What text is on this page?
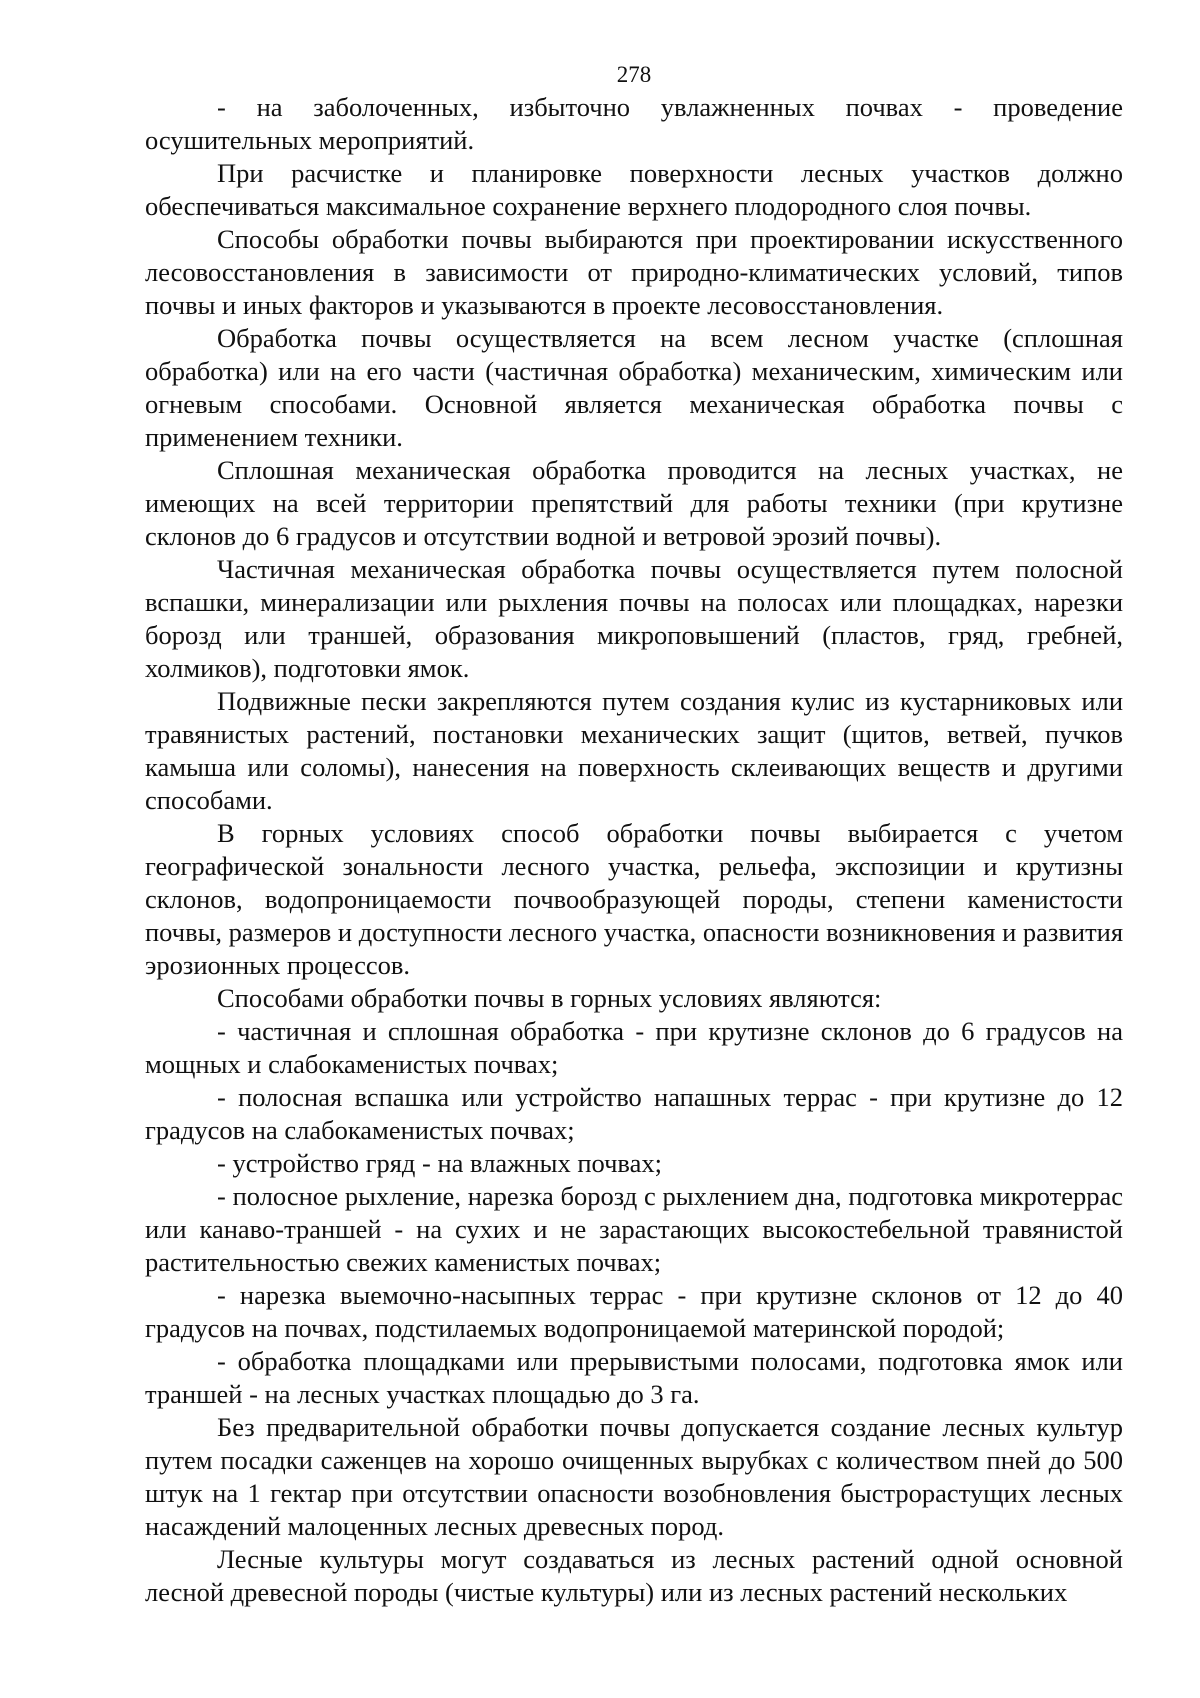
278

- на заболоченных, избыточно увлажненных почвах - проведение осушительных мероприятий.

При расчистке и планировке поверхности лесных участков должно обеспечиваться максимальное сохранение верхнего плодородного слоя почвы.

Способы обработки почвы выбираются при проектировании искусственного лесовосстановления в зависимости от природно-климатических условий, типов почвы и иных факторов и указываются в проекте лесовосстановления.

Обработка почвы осуществляется на всем лесном участке (сплошная обработка) или на его части (частичная обработка) механическим, химическим или огневым способами. Основной является механическая обработка почвы с применением техники.

Сплошная механическая обработка проводится на лесных участках, не имеющих на всей территории препятствий для работы техники (при крутизне склонов до 6 градусов и отсутствии водной и ветровой эрозий почвы).

Частичная механическая обработка почвы осуществляется путем полосной вспашки, минерализации или рыхления почвы на полосах или площадках, нарезки борозд или траншей, образования микроповышений (пластов, гряд, гребней, холмиков), подготовки ямок.

Подвижные пески закрепляются путем создания кулис из кустарниковых или травянистых растений, постановки механических защит (щитов, ветвей, пучков камыша или соломы), нанесения на поверхность склеивающих веществ и другими способами.

В горных условиях способ обработки почвы выбирается с учетом географической зональности лесного участка, рельефа, экспозиции и крутизны склонов, водопроницаемости почвообразующей породы, степени каменистости почвы, размеров и доступности лесного участка, опасности возникновения и развития эрозионных процессов.

Способами обработки почвы в горных условиях являются:

- частичная и сплошная обработка - при крутизне склонов до 6 градусов на мощных и слабокаменистых почвах;

- полосная вспашка или устройство напашных террас - при крутизне до 12 градусов на слабокаменистых почвах;

- устройство гряд - на влажных почвах;

- полосное рыхление, нарезка борозд с рыхлением дна, подготовка микротеррас или канаво-траншей - на сухих и не зарастающих высокостебельной травянистой растительностью свежих каменистых почвах;

- нарезка выемочно-насыпных террас - при крутизне склонов от 12 до 40 градусов на почвах, подстилаемых водопроницаемой материнской породой;

- обработка площадками или прерывистыми полосами, подготовка ямок или траншей - на лесных участках площадью до 3 га.

Без предварительной обработки почвы допускается создание лесных культур путем посадки саженцев на хорошо очищенных вырубках с количеством пней до 500 штук на 1 гектар при отсутствии опасности возобновления быстрорастущих лесных насаждений малоценных лесных древесных пород.

Лесные культуры могут создаваться из лесных растений одной основной лесной древесной породы (чистые культуры) или из лесных растений нескольких
